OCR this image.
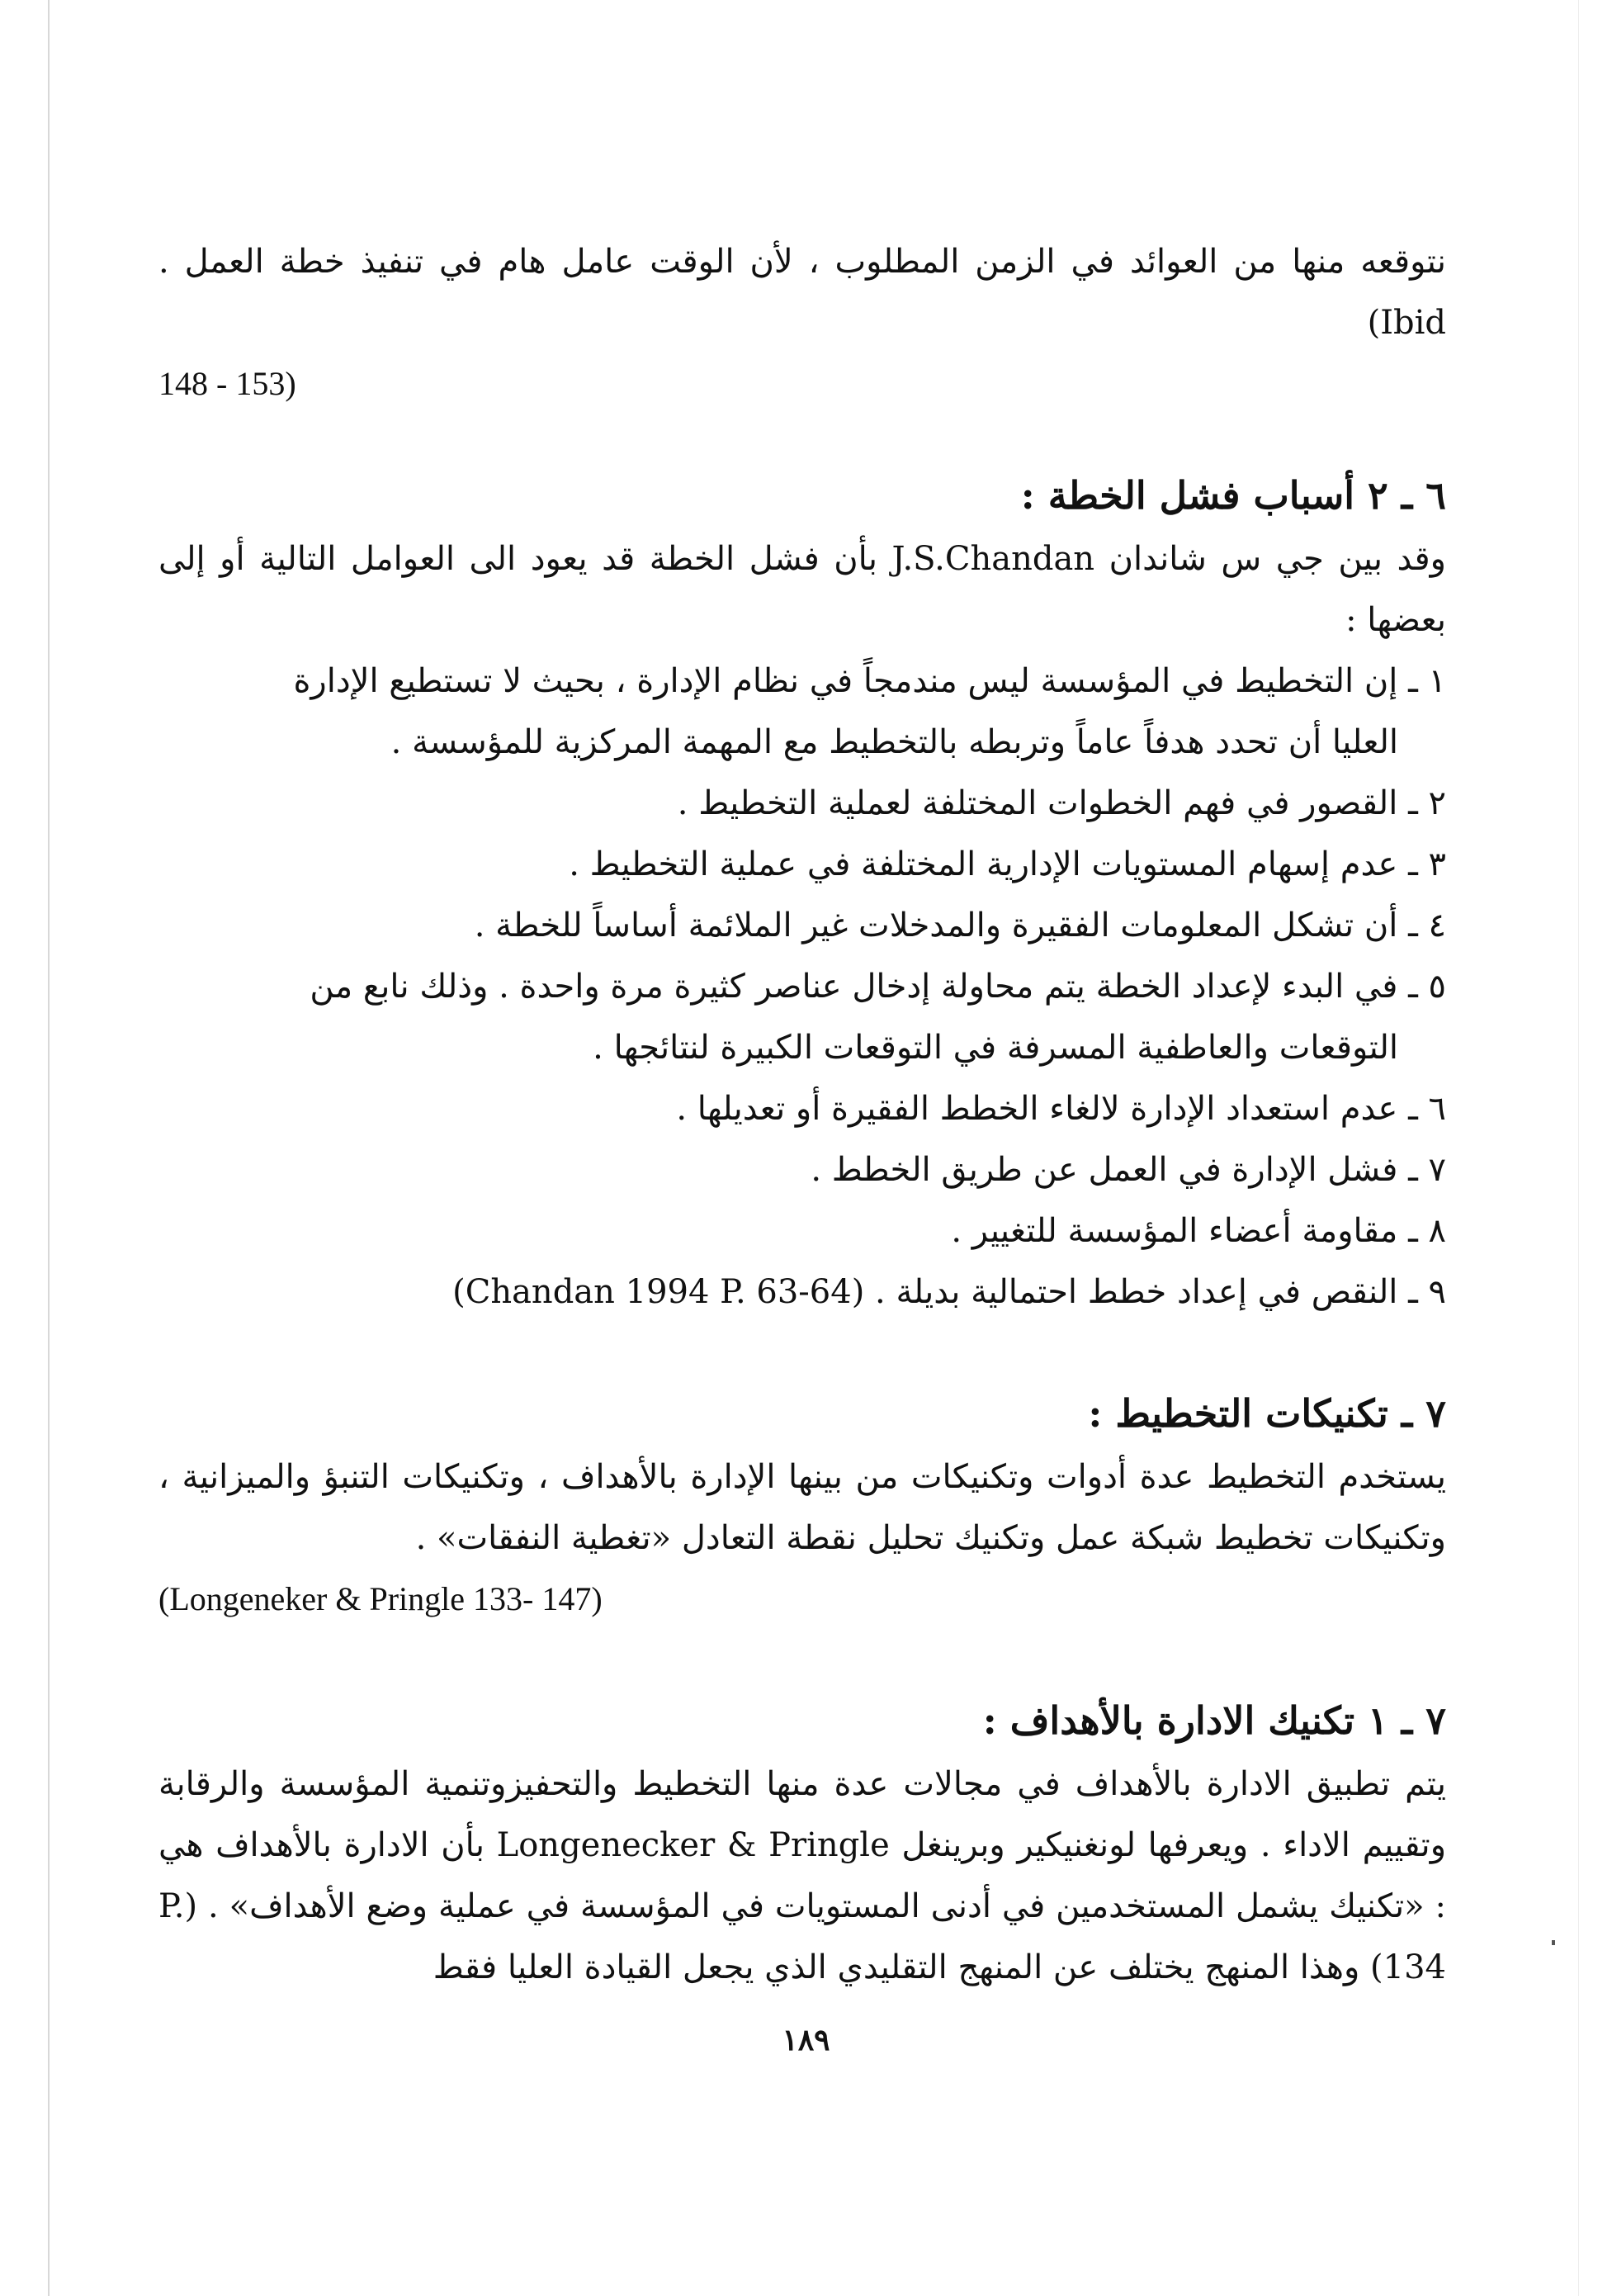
نتوقعه منها من العوائد في الزمن المطلوب ، لأن الوقت عامل هام في تنفيذ خطة العمل . Ibid)

148 - 153)

٦ ـ ٢ أسباب فشل الخطة :

وقد بين جي س شاندان J.S.Chandan بأن فشل الخطة قد يعود الى العوامل التالية أو إلى بعضها :

١ ـ إن التخطيط في المؤسسة ليس مندمجاً في نظام الإدارة ، بحيث لا تستطيع الإدارة
العليا أن تحدد هدفاً عاماً وتربطه بالتخطيط مع المهمة المركزية للمؤسسة .
٢ ـ القصور في فهم الخطوات المختلفة لعملية التخطيط .
٣ ـ عدم إسهام المستويات الإدارية المختلفة في عملية التخطيط .
٤ ـ أن تشكل المعلومات الفقيرة والمدخلات غير الملائمة أساساً للخطة .
٥ ـ في البدء لإعداد الخطة يتم محاولة إدخال عناصر كثيرة مرة واحدة . وذلك نابع من
التوقعات والعاطفية المسرفة في التوقعات الكبيرة لنتائجها .
٦ ـ عدم استعداد الإدارة لالغاء الخطط الفقيرة أو تعديلها .
٧ ـ فشل الإدارة في العمل عن طريق الخطط .
٨ ـ مقاومة أعضاء المؤسسة للتغيير .
٩ ـ النقص في إعداد خطط احتمالية بديلة . (Chandan 1994 P. 63-64)
٧ ـ تكنيكات التخطيط :

يستخدم التخطيط عدة أدوات وتكنيكات من بينها الإدارة بالأهداف ، وتكنيكات التنبؤ والميزانية ، وتكنيكات تخطيط شبكة عمل وتكنيك تحليل نقطة التعادل «تغطية النفقات» .

(Longeneker & Pringle 133- 147)

٧ ـ ١ تكنيك الادارة بالأهداف :

يتم تطبيق الادارة بالأهداف في مجالات عدة منها التخطيط والتحفيزوتنمية المؤسسة والرقابة وتقييم الاداء . ويعرفها لونغنيكير وبرينغل Longenecker & Pringle بأن الادارة بالأهداف هي : «تكنيك يشمل المستخدمين في أدنى المستويات في المؤسسة في عملية وضع الأهداف» . (P. 134) وهذا المنهج يختلف عن المنهج التقليدي الذي يجعل القيادة العليا فقط

١٨٩
